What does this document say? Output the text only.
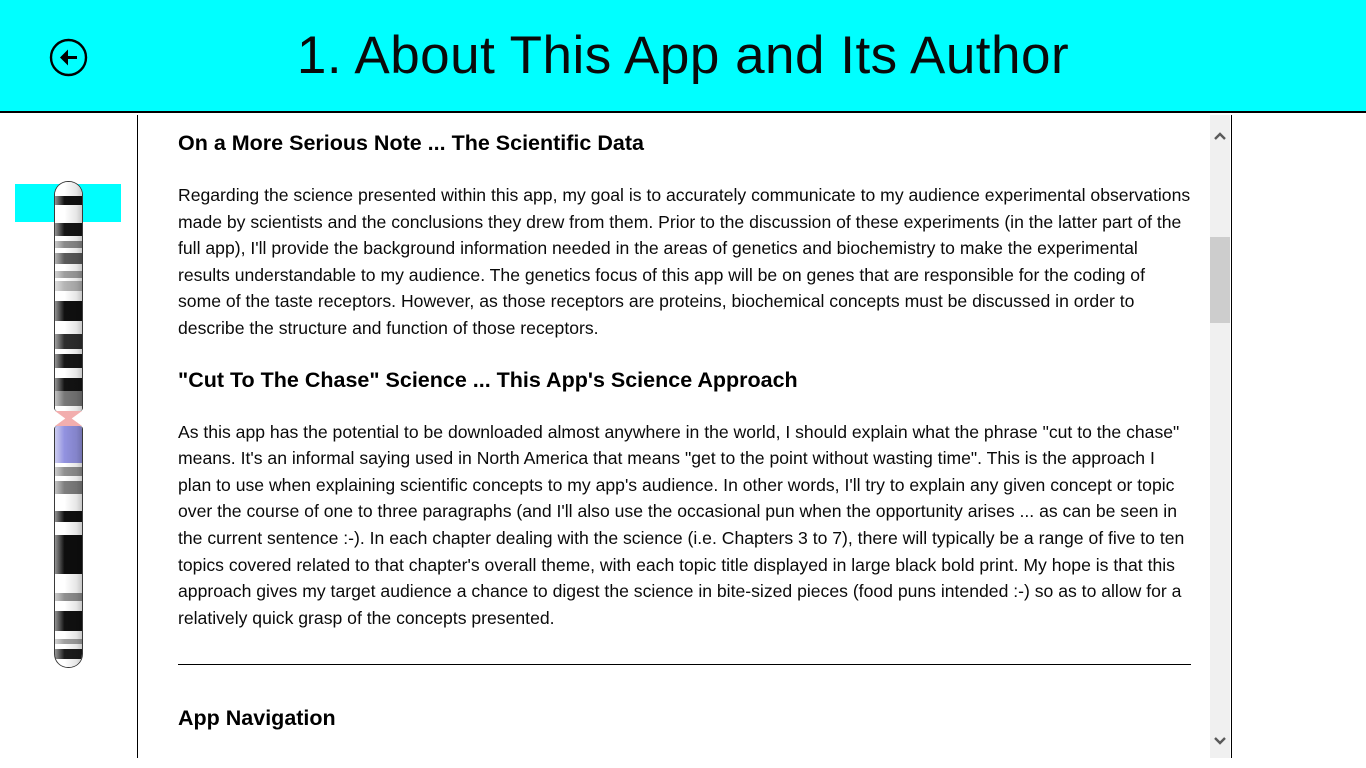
1. About This App and Its Author
On a More Serious Note ... The Scientific Data

Regarding the science presented within this app, my goal is to accurately communicate to my audience experimental observations made by scientists and the conclusions they drew from them. Prior to the discussion of these experiments (in the latter part of the full app), I'll provide the background information needed in the areas of genetics and biochemistry to make the experimental results understandable to my audience. The genetics focus of this app will be on genes that are responsible for the coding of some of the taste receptors. However, as those receptors are proteins, biochemical concepts must be discussed in order to describe the structure and function of those receptors.

"Cut To The Chase" Science ... This App's Science Approach

As this app has the potential to be downloaded almost anywhere in the world, I should explain what the phrase "cut to the chase" means. It's an informal saying used in North America that means "get to the point without wasting time". This is the approach I plan to use when explaining scientific concepts to my app's audience. In other words, I'll try to explain any given concept or topic over the course of one to three paragraphs (and I'll also use the occasional pun when the opportunity arises ... as can be seen in the current sentence :-). In each chapter dealing with the science (i.e. Chapters 3 to 7), there will typically be a range of five to ten topics covered related to that chapter's overall theme, with each topic title displayed in large black bold print. My hope is that this approach gives my target audience a chance to digest the science in bite-sized pieces (food puns intended :-) so as to allow for a relatively quick grasp of the concepts presented.

App Navigation
